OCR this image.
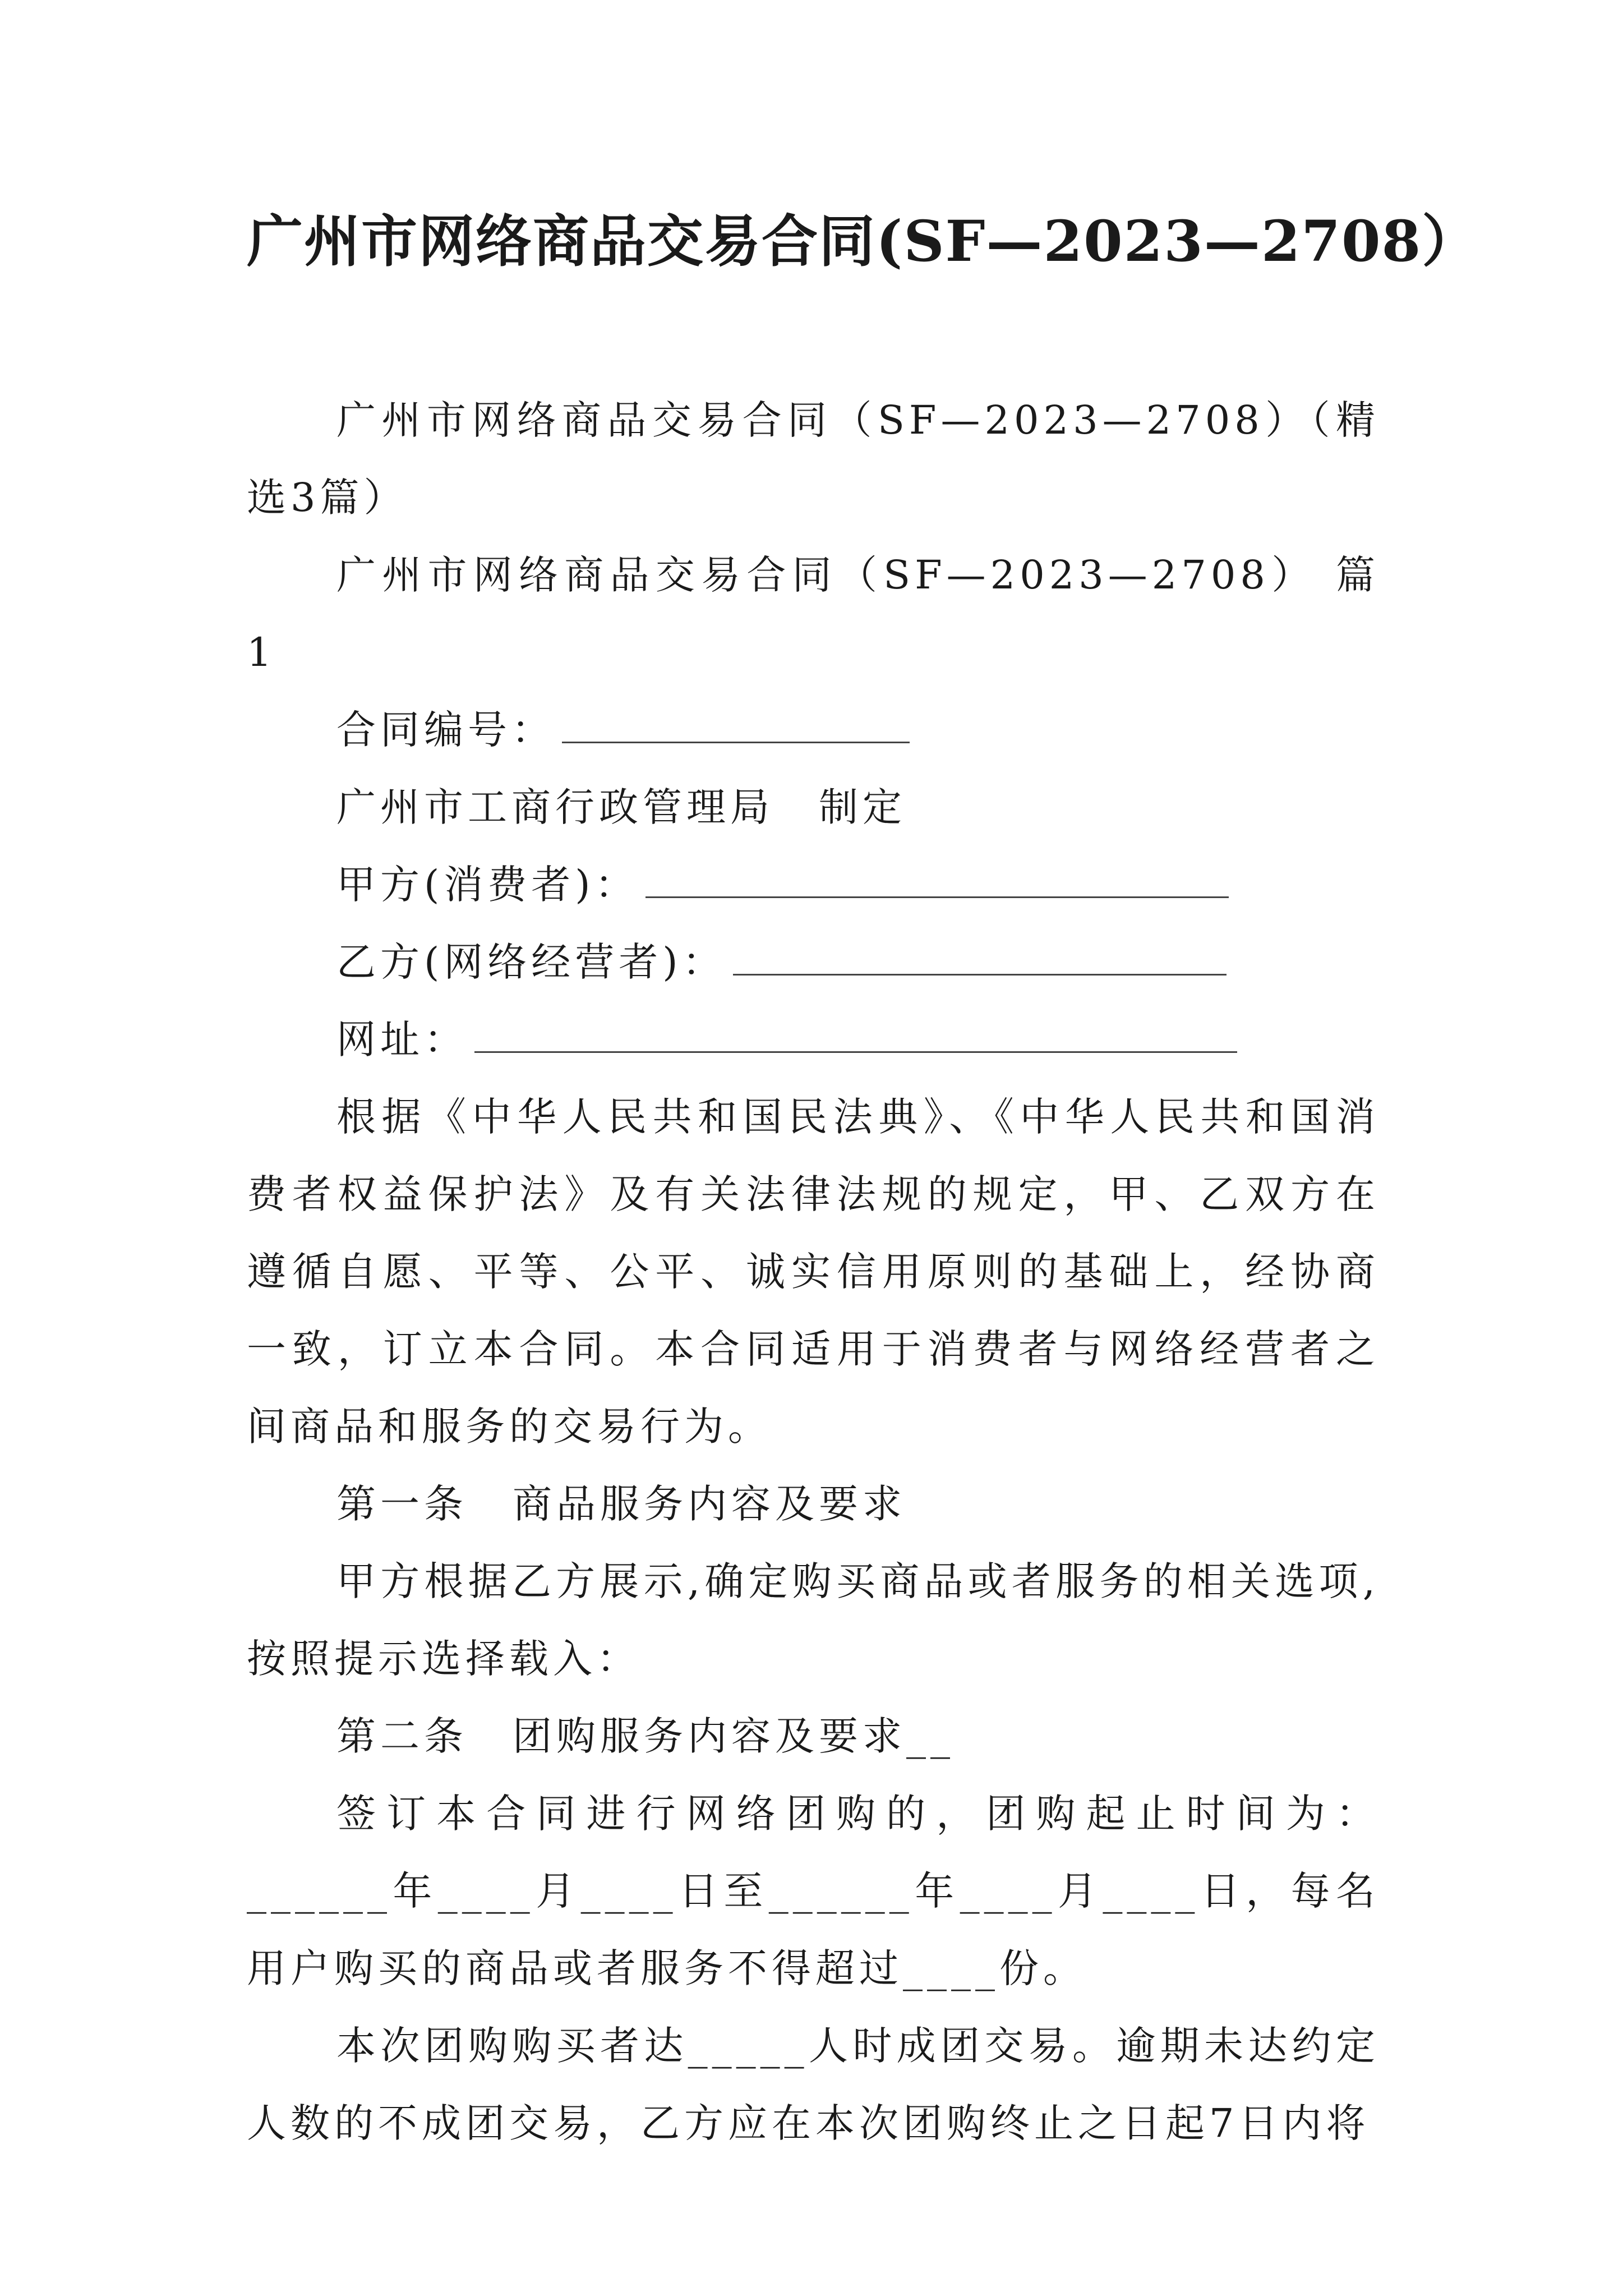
广州市网络商品交易合同(SF—2023—2708）

广州市网络商品交易合同（SF—2023—2708）（精选3篇）

广州市网络商品交易合同（SF—2023—2708） 篇1

合同编号：
广州市工商行政管理局 制定
甲方(消费者)：
乙方(网络经营者)：
网址：

根据《中华人民共和国民法典》、《中华人民共和国消费者权益保护法》及有关法律法规的规定，甲、乙双方在遵循自愿、平等、公平、诚实信用原则的基础上，经协商一致，订立本合同。本合同适用于消费者与网络经营者之间商品和服务的交易行为。

第一条 商品服务内容及要求

甲方根据乙方展示,确定购买商品或者服务的相关选项,按照提示选择载入：

第二条 团购服务内容及要求__

签订本合同进行网络团购的，团购起止时间为：______年____月____日至______年____月____日，每名用户购买的商品或者服务不得超过____份。

本次团购购买者达_____人时成团交易。逾期未达约定人数的不成团交易，乙方应在本次团购终止之日起7日内将
